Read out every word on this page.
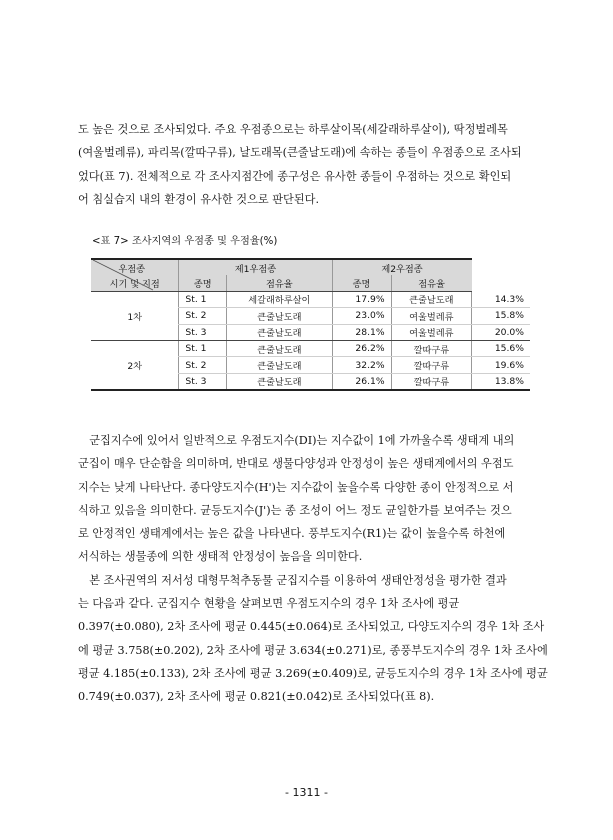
도 높은 것으로 조사되었다. 주요 우점종으로는 하루살이목(세갈래하루살이), 딱정벌레목

(여울벌레류), 파리목(깔따구류), 날도래목(큰줄날도래)에 속하는 종들이 우점종으로 조사되

었다(표 7). 전체적으로 각 조사지점간에 종구성은 유사한 종들이 우점하는 것으로 확인되

어 침실습지 내의 환경이 유사한 것으로 판단된다.

<표 7> 조사지역의 우점종 및 우점율(%)
우점종	제1우점종		제2우점종		
시기 및 지점	종명	점유율	종명	점유율	
1차	St. 1	세갈래하루살이	17.9%	큰줄날도래	14.3%
	St. 2	큰줄날도래	23.0%	여울벌레류	15.8%
	St. 3	큰줄날도래	28.1%	여울벌레류	20.0%
2차	St. 1	큰줄날도래	26.2%	깔따구류	15.6%
	St. 2	큰줄날도래	32.2%	깔따구류	19.6%
	St. 3	큰줄날도래	26.1%	깔따구류	13.8%

　군집지수에 있어서 일반적으로 우점도지수(DI)는 지수값이 1에 가까울수록 생태계 내의

군집이 매우 단순함을 의미하며, 반대로 생물다양성과 안정성이 높은 생태계에서의 우점도

지수는 낮게 나타난다. 종다양도지수(H')는 지수값이 높을수록 다양한 종이 안정적으로 서

식하고 있음을 의미한다. 균등도지수(J')는 종 조성이 어느 정도 균일한가를 보여주는 것으

로 안정적인 생태계에서는 높은 값을 나타낸다. 풍부도지수(R1)는 값이 높을수록 하천에

서식하는 생물종에 의한 생태적 안정성이 높음을 의미한다.

　본 조사권역의 저서성 대형무척추동물 군집지수를 이용하여 생태안정성을 평가한 결과

는 다음과 같다. 군집지수 현황을 살펴보면 우점도지수의 경우 1차 조사에 평균

0.397(±0.080), 2차 조사에 평균 0.445(±0.064)로 조사되었고, 다양도지수의 경우 1차 조사

에 평균 3.758(±0.202), 2차 조사에 평균 3.634(±0.271)로, 종풍부도지수의 경우 1차 조사에

평균 4.185(±0.133), 2차 조사에 평균 3.269(±0.409)로, 균등도지수의 경우 1차 조사에 평균

0.749(±0.037), 2차 조사에 평균 0.821(±0.042)로 조사되었다(표 8).

- 1311 -
